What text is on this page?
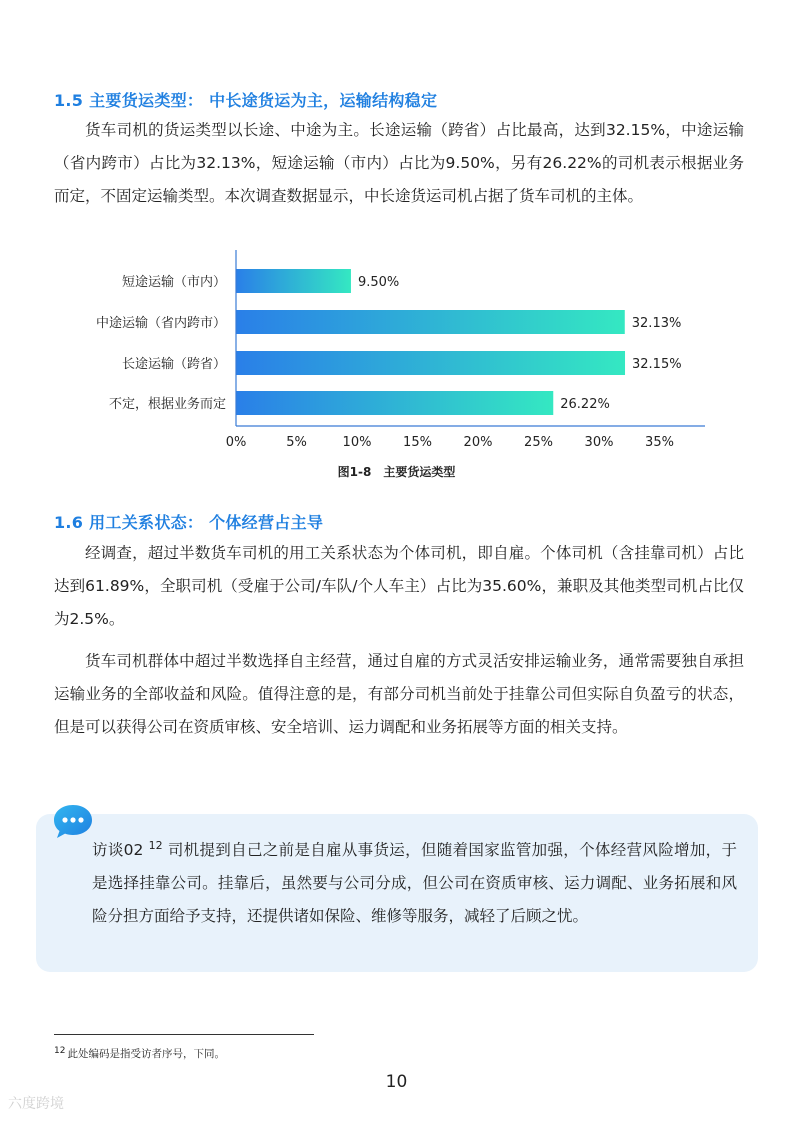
1.5 主要货运类型： 中长途货运为主，运输结构稳定

货车司机的货运类型以长途、中途为主。长途运输（跨省）占比最高，达到32.15%，中途运输（省内跨市）占比为32.13%，短途运输（市内）占比为9.50%，另有26.22%的司机表示根据业务而定，不固定运输类型。本次调查数据显示，中长途货运司机占据了货车司机的主体。

短途运输（市内）	9.50%
中途运输（省内跨市）	32.13%
长途运输（跨省）	32.15%
不定，根据业务而定	26.22%
0%	5%	10% 15% 20% 25% 30% 35%
图1-8　主要货运类型
1.6 用工关系状态： 个体经营占主导

经调查，超过半数货车司机的用工关系状态为个体司机，即自雇。个体司机（含挂靠司机）占比达到61.89%，全职司机（受雇于公司/车队/个人车主）占比为35.60%，兼职及其他类型司机占比仅为2.5%。

货车司机群体中超过半数选择自主经营，通过自雇的方式灵活安排运输业务，通常需要独自承担运输业务的全部收益和风险。值得注意的是，有部分司机当前处于挂靠公司但实际自负盈亏的状态，但是可以获得公司在资质审核、安全培训、运力调配和业务拓展等方面的相关支持。

访谈02 $^{12}$ 司机提到自己之前是自雇从事货运，但随着国家监管加强，个体经营风险增加，于是选择挂靠公司。挂靠后，虽然要与公司分成，但公司在资质审核、运力调配、业务拓展和风险分担方面给予支持，还提供诸如保险、维修等服务，减轻了后顾之忧。

12 此处编码是指受访者序号，下同。
10
六度跨境
